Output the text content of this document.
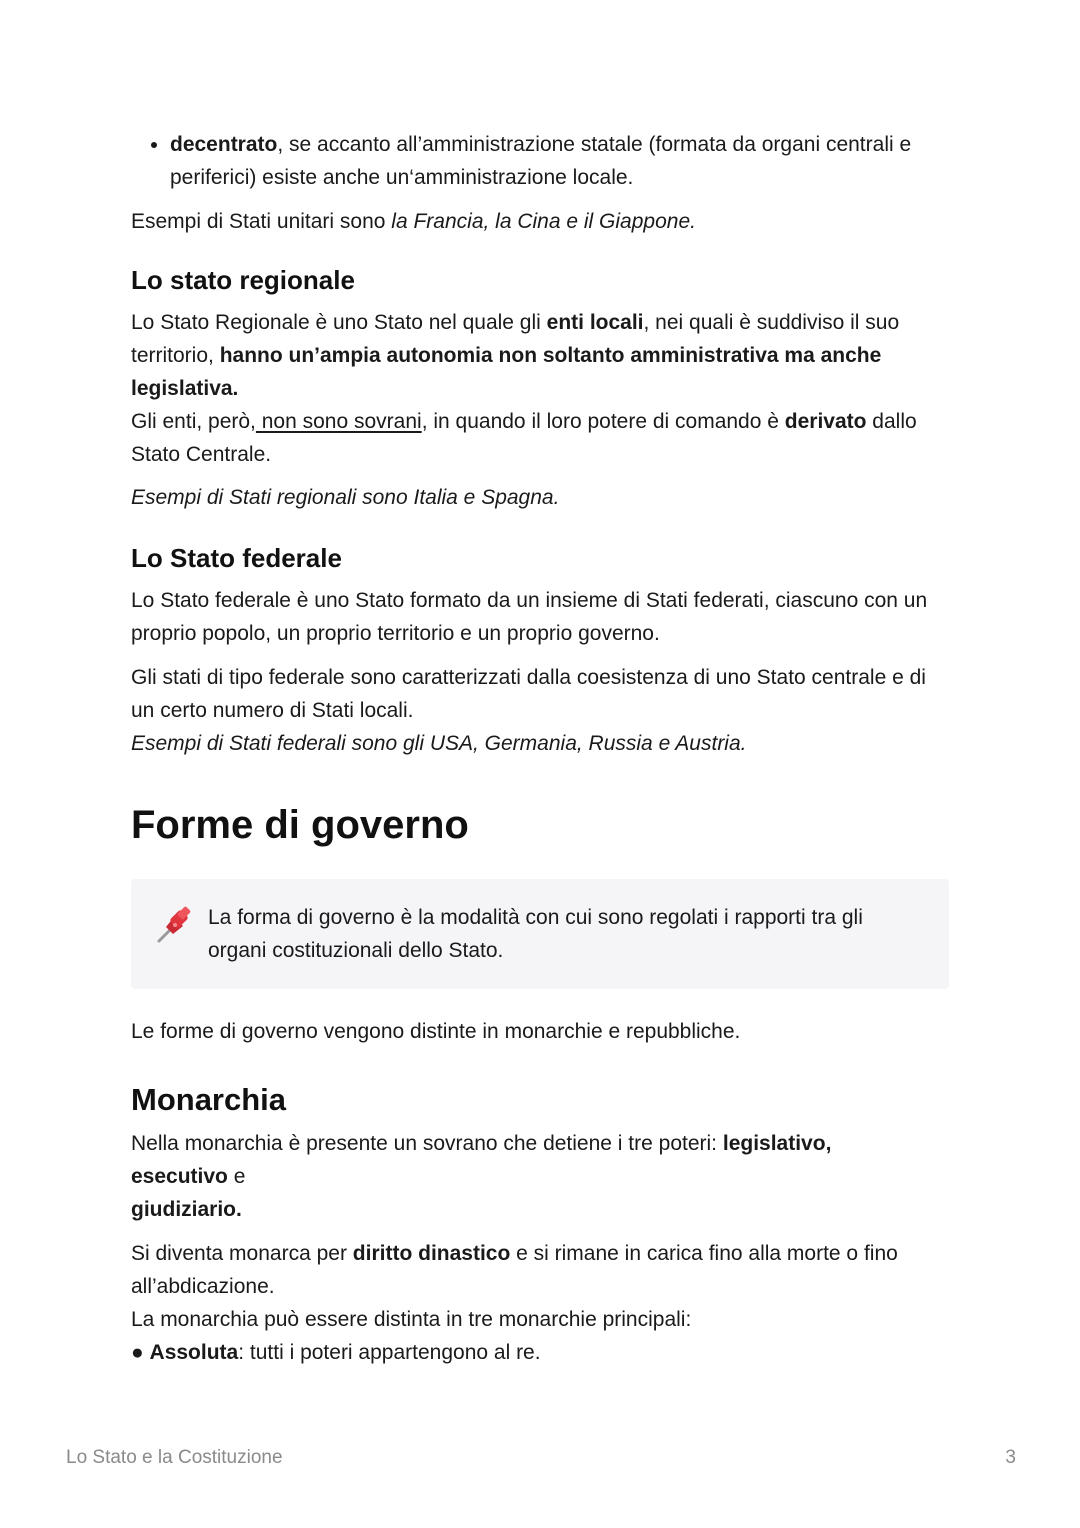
• decentrato, se accanto all’amministrazione statale (formata da organi centrali e periferici) esiste anche un‘amministrazione locale.

Esempi di Stati unitari sono la Francia, la Cina e il Giappone.

Lo stato regionale

Lo Stato Regionale è uno Stato nel quale gli enti locali, nei quali è suddiviso il suo territorio, hanno un’ampia autonomia non soltanto amministrativa ma anche legislativa.

Gli enti, però, non sono sovrani, in quando il loro potere di comando è derivato dallo Stato Centrale.

Esempi di Stati regionali sono Italia e Spagna.

Lo Stato federale

Lo Stato federale è uno Stato formato da un insieme di Stati federati, ciascuno con un proprio popolo, un proprio territorio e un proprio governo.

Gli stati di tipo federale sono caratterizzati dalla coesistenza di uno Stato centrale e di un certo numero di Stati locali.

Esempi di Stati federali sono gli USA, Germania, Russia e Austria.

Forme di governo

La forma di governo è la modalità con cui sono regolati i rapporti tra gli organi costituzionali dello Stato.

Le forme di governo vengono distinte in monarchie e repubbliche.

Monarchia

Nella monarchia è presente un sovrano che detiene i tre poteri: legislativo,
esecutivo e
giudiziario.

Si diventa monarca per diritto dinastico e si rimane in carica fino alla morte o fino all’abdicazione.

La monarchia può essere distinta in tre monarchie principali:

● Assoluta: tutti i poteri appartengono al re.

Lo Stato e la Costituzione	3
